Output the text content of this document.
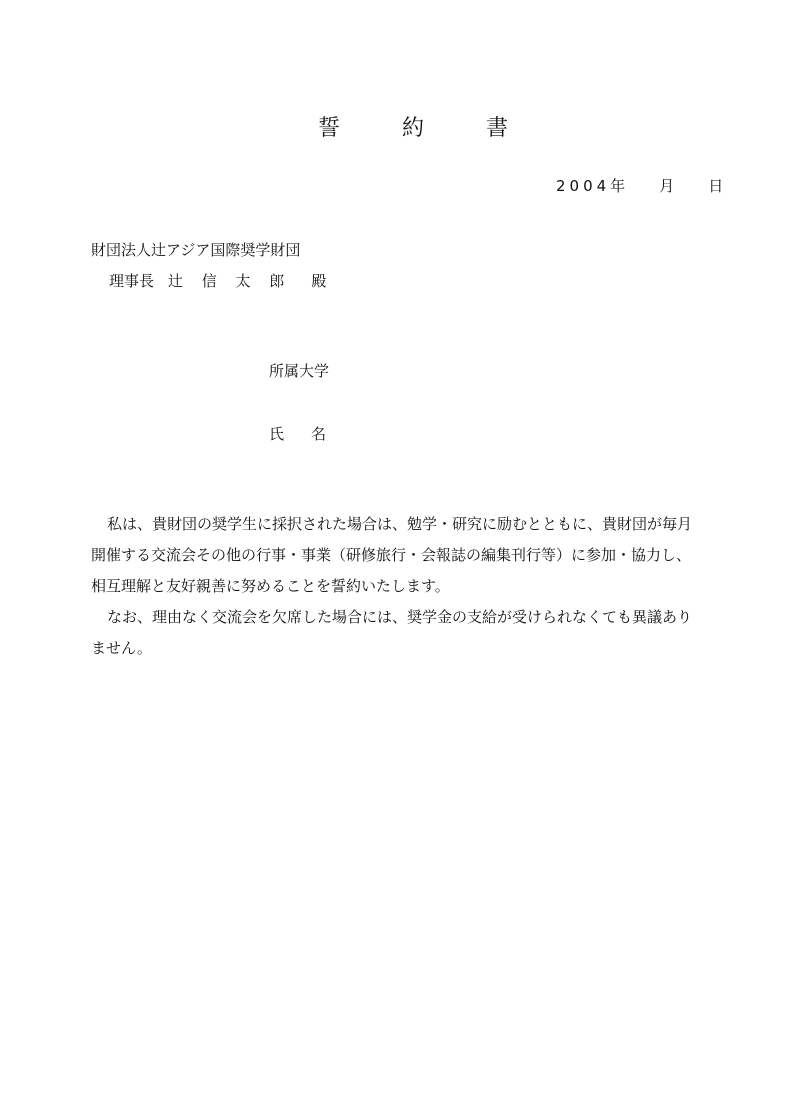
誓	約	書
2004年 月 日
財団法人辻アジア国際奨学財団
理事長 辻 信 太 郎 殿
所属大学
氏 名

私は、貴財団の奨学生に採択された場合は、勉学・研究に励むとともに、貴財団が毎月

開催する交流会その他の行事・事業（研修旅行・会報誌の編集刊行等）に参加・協力し、

相互理解と友好親善に努めることを誓約いたします。

なお、理由なく交流会を欠席した場合には、奨学金の支給が受けられなくても異議あり

ません。
